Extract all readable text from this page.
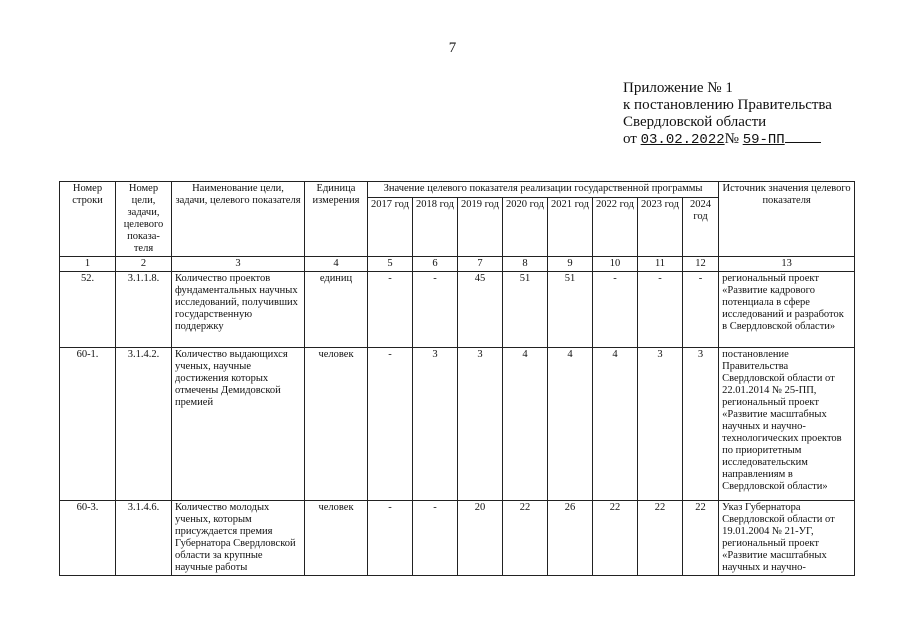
7
Приложение № 1
к постановлению Правительства
Свердловской области
от 03.02.2022№ 59-ПП
Номер строки	Номер цели, задачи, целевого показа-теля	Наименование цели, задачи, целевого показателя	Единица измерения	Значение целевого показателя реализации государственной программы								Источник значения целевого показателя
				2017 год	2018 год	2019 год	2020 год	2021 год	2022 год	2023 год	2024 год	
1	2	3	4	5	6	7	8	9	10	11	12	13
52.	3.1.1.8.	Количество проектов фундаментальных научных исследований, получивших государственную поддержку	единиц	-	-	45	51	51	-	-	-	региональный проект «Развитие кадрового потенциала в сфере исследований и разработок в Свердловской области»
60-1.	3.1.4.2.	Количество выдающихся ученых, научные достижения которых отмечены Демидовской премией	человек	-	3	3	4	4	4	3	3	постановление Правительства Свердловской области от 22.01.2014 № 25-ПП, региональный проект «Развитие масштабных научных и научно-технологических проектов по приоритетным исследовательским направлениям в Свердловской области»
60-3.	3.1.4.6.	Количество молодых ученых, которым присуждается премия Губернатора Свердловской области за крупные научные работы	человек	-	-	20	22	26	22	22	22	Указ Губернатора Свердловской области от 19.01.2004 № 21-УГ, региональный проект «Развитие масштабных научных и научно-
